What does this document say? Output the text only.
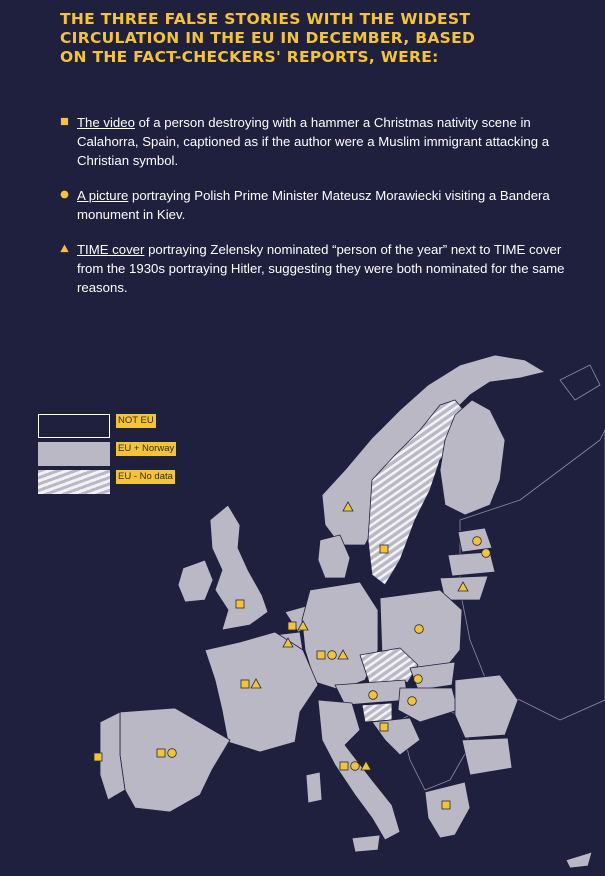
THE THREE FALSE STORIES WITH THE WIDEST
CIRCULATION IN THE EU IN DECEMBER, BASED
ON THE FACT-CHECKERS' REPORTS, WERE:
The video of a person destroying with a hammer a Christmas nativity scene in Calahorra, Spain, captioned as if the author were a Muslim immigrant attacking a Christian symbol.
A picture portraying Polish Prime Minister Mateusz Morawiecki visiting a Bandera monument in Kiev.
TIME cover portraying Zelensky nominated “person of the year” next to TIME cover from the 1930s portraying Hitler, suggesting they were both nominated for the same reasons.
NOT EU
EU + Norway
EU - No data
